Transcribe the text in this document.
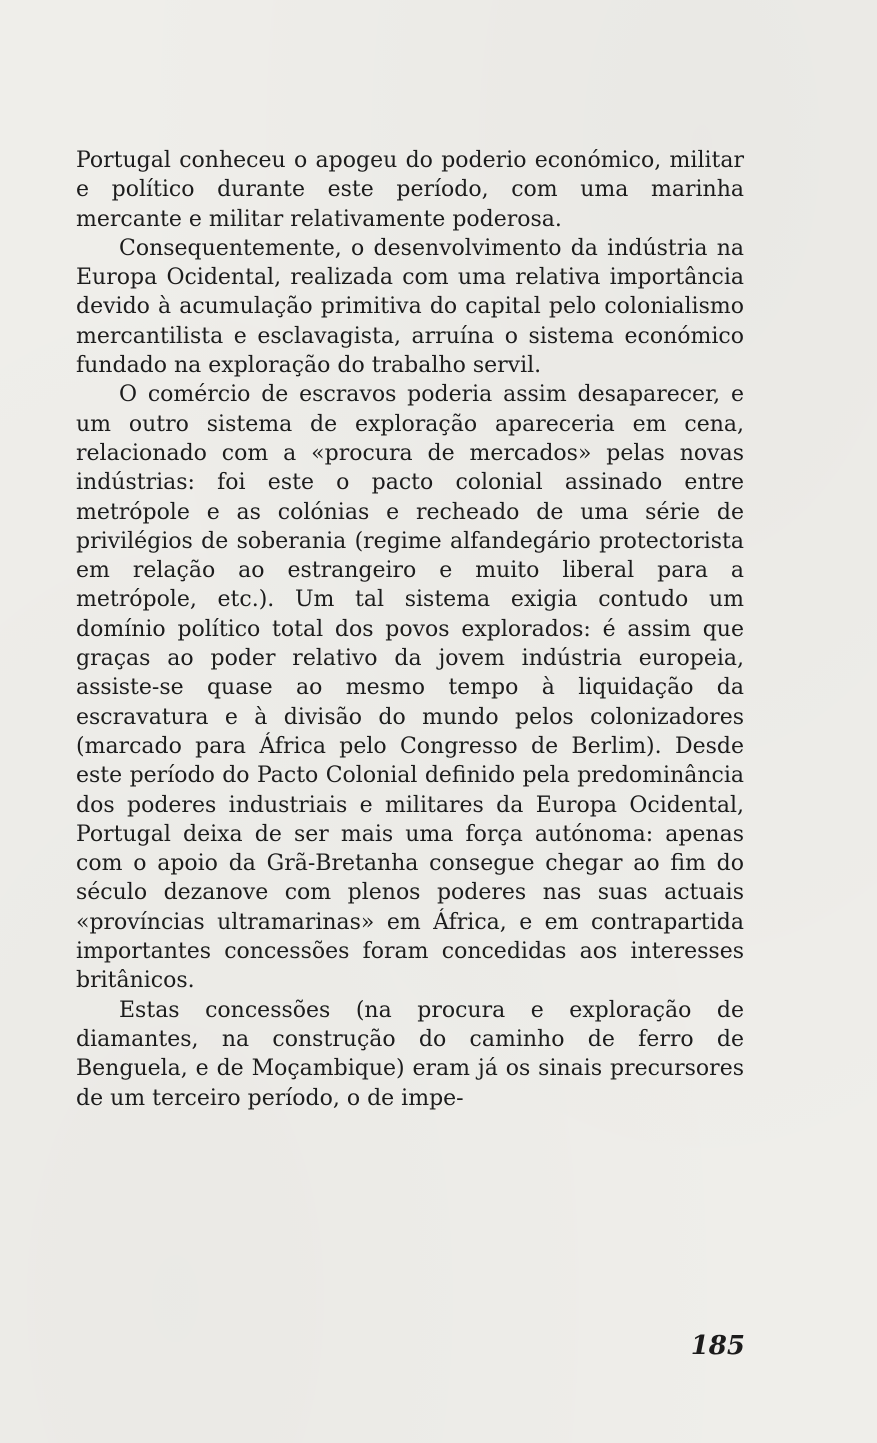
Portugal conheceu o apogeu do poderio económico, militar e político durante este período, com uma marinha mercante e militar relativamente poderosa.

Consequentemente, o desenvolvimento da indústria na Europa Ocidental, realizada com uma relativa importância devido à acumulação primitiva do capital pelo colonialismo mercantilista e esclavagista, arruína o sistema económico fundado na exploração do trabalho servil.

O comércio de escravos poderia assim desaparecer, e um outro sistema de exploração apareceria em cena, relacionado com a «procura de mercados» pelas novas indústrias: foi este o pacto colonial assinado entre metrópole e as colónias e recheado de uma série de privilégios de soberania (regime alfandegário protectorista em relação ao estrangeiro e muito liberal para a metrópole, etc.). Um tal sistema exigia contudo um domínio político total dos povos explorados: é assim que graças ao poder relativo da jovem indústria europeia, assiste-se quase ao mesmo tempo à liquidação da escravatura e à divisão do mundo pelos colonizadores (marcado para África pelo Congresso de Berlim). Desde este período do Pacto Colonial definido pela predominância dos poderes industriais e militares da Europa Ocidental, Portugal deixa de ser mais uma força autónoma: apenas com o apoio da Grã-Bretanha consegue chegar ao fim do século dezanove com plenos poderes nas suas actuais «províncias ultramarinas» em África, e em contrapartida importantes concessões foram concedidas aos interesses britânicos.

Estas concessões (na procura e exploração de diamantes, na construção do caminho de ferro de Benguela, e de Moçambique) eram já os sinais precursores de um terceiro período, o de impe-

185
